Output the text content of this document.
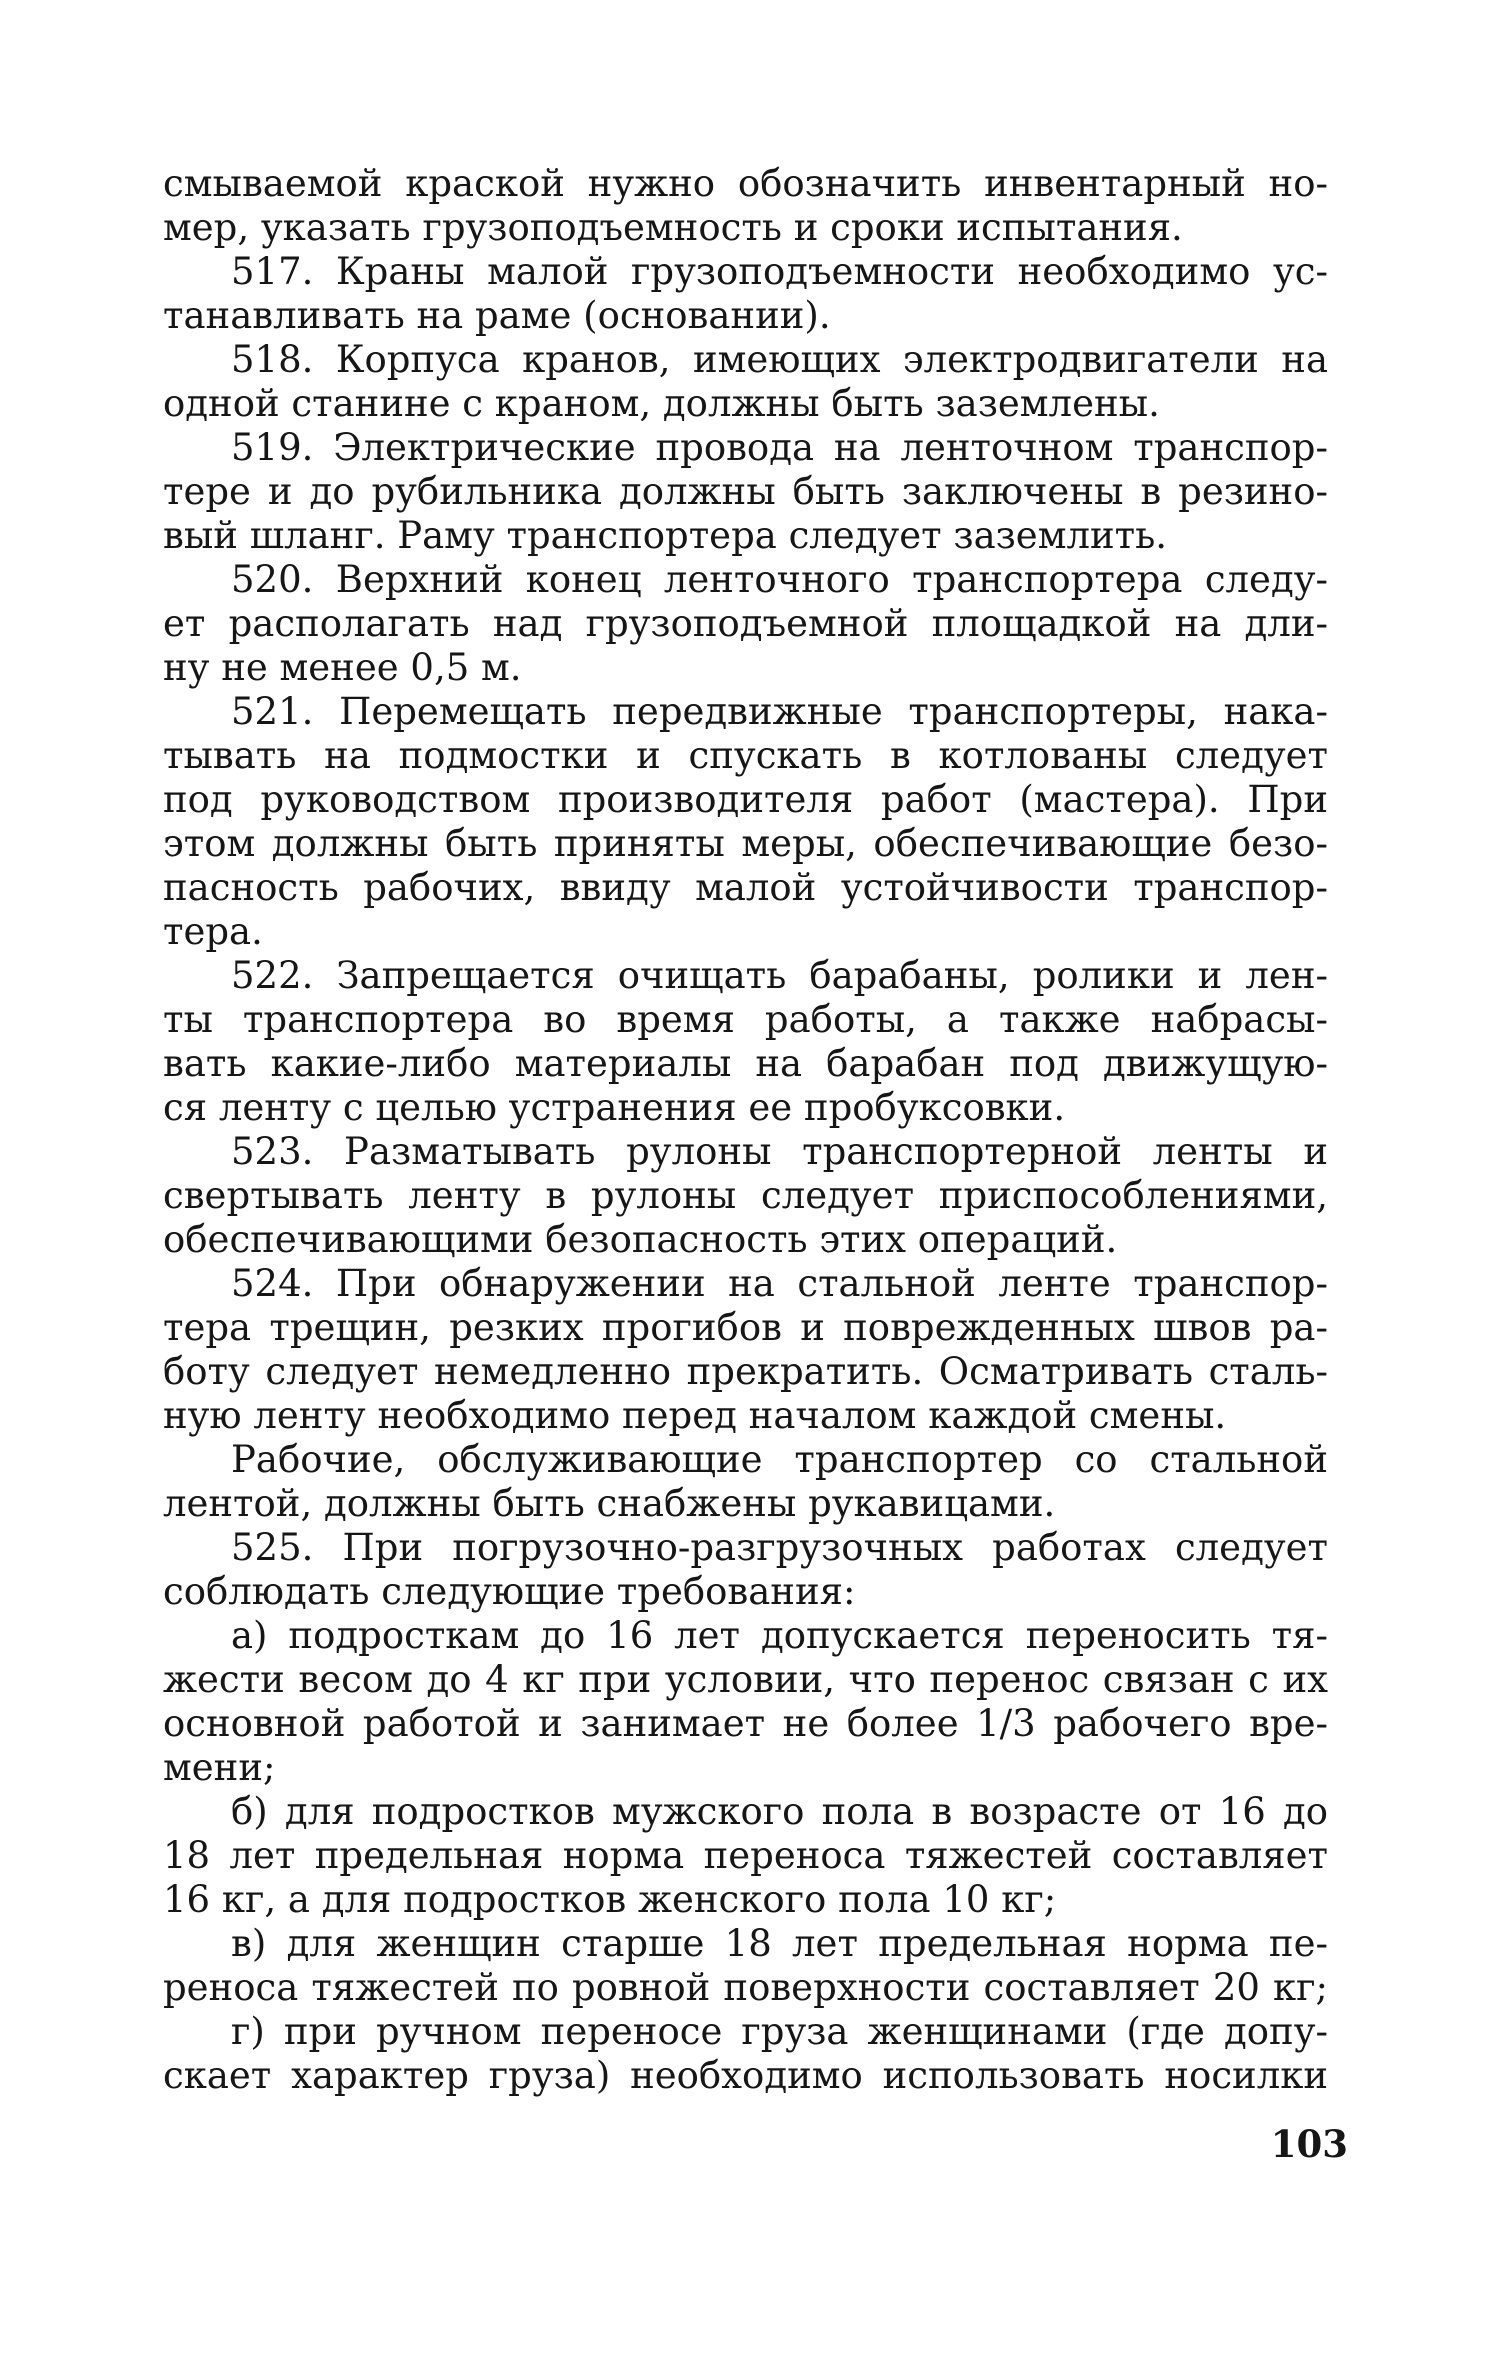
смываемой краской нужно обозначить инвентарный но-
мер, указать грузоподъемность и сроки испытания.
517. Краны малой грузоподъемности необходимо ус-
танавливать на раме (основании).
518. Корпуса кранов, имеющих электродвигатели на
одной станине с краном, должны быть заземлены.
519. Электрические провода на ленточном транспор-
тере и до рубильника должны быть заключены в резино-
вый шланг. Раму транспортера следует заземлить.
520. Верхний конец ленточного транспортера следу-
ет располагать над грузоподъемной площадкой на дли-
ну не менее 0,5 м.
521. Перемещать передвижные транспортеры, нака-
тывать на подмостки и спускать в котлованы следует
под руководством производителя работ (мастера). При
этом должны быть приняты меры, обеспечивающие безо-
пасность рабочих, ввиду малой устойчивости транспор-
тера.
522. Запрещается очищать барабаны, ролики и лен-
ты транспортера во время работы, а также набрасы-
вать какие-либо материалы на барабан под движущую-
ся ленту с целью устранения ее пробуксовки.
523. Разматывать рулоны транспортерной ленты и
свертывать ленту в рулоны следует приспособлениями,
обеспечивающими безопасность этих операций.
524. При обнаружении на стальной ленте транспор-
тера трещин, резких прогибов и поврежденных швов ра-
боту следует немедленно прекратить. Осматривать сталь-
ную ленту необходимо перед началом каждой смены.
Рабочие, обслуживающие транспортер со стальной
лентой, должны быть снабжены рукавицами.
525. При погрузочно-разгрузочных работах следует
соблюдать следующие требования:
а) подросткам до 16 лет допускается переносить тя-
жести весом до 4 кг при условии, что перенос связан с их
основной работой и занимает не более 1/3 рабочего вре-
мени;
б) для подростков мужского пола в возрасте от 16 до
18 лет предельная норма переноса тяжестей составляет
16 кг, а для подростков женского пола 10 кг;
в) для женщин старше 18 лет предельная норма пе-
реноса тяжестей по ровной поверхности составляет 20 кг;
г) при ручном переносе груза женщинами (где допу-
скает характер груза) необходимо использовать носилки
103
